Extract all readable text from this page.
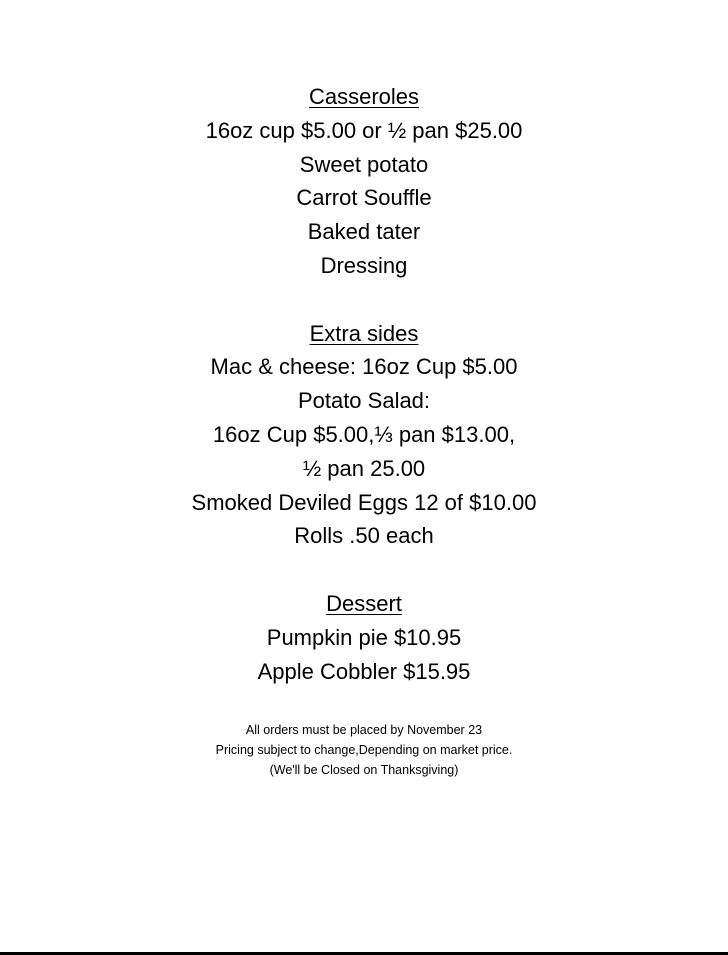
Casseroles
16oz cup $5.00 or ½ pan $25.00
Sweet potato
Carrot Souffle
Baked tater
Dressing
Extra sides
Mac & cheese: 16oz Cup $5.00
Potato Salad:
16oz Cup $5.00,⅓ pan $13.00,
½ pan 25.00
Smoked Deviled Eggs 12 of $10.00
Rolls .50 each
Dessert
Pumpkin pie $10.95
Apple Cobbler $15.95
All orders must be placed by November 23
Pricing subject to change,Depending on market price.
(We'll be Closed on Thanksgiving)
